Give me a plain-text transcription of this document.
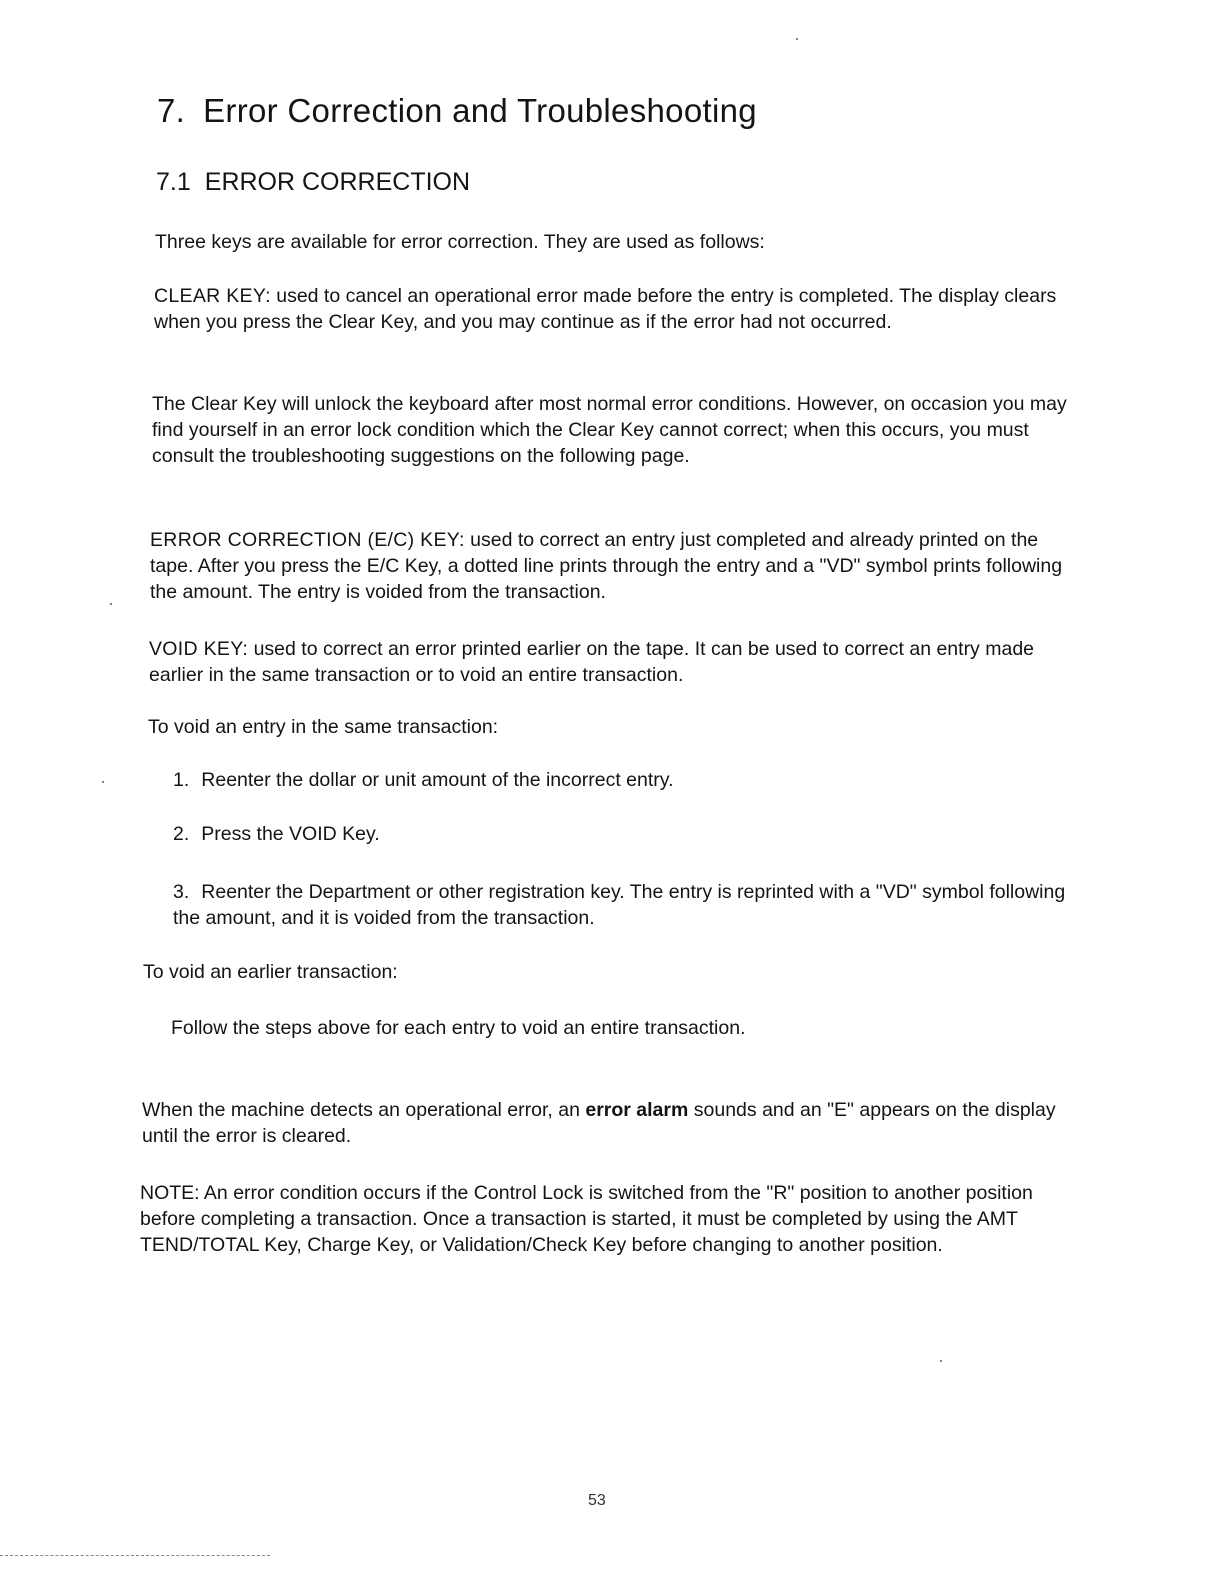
7. Error Correction and Troubleshooting
7.1 ERROR CORRECTION

Three keys are available for error correction. They are used as follows:

CLEAR KEY: used to cancel an operational error made before the entry is completed. The display clears when you press the Clear Key, and you may continue as if the error had not occurred.

The Clear Key will unlock the keyboard after most normal error conditions. However, on occasion you may find yourself in an error lock condition which the Clear Key cannot correct; when this occurs, you must consult the troubleshooting suggestions on the following page.

ERROR CORRECTION (E/C) KEY: used to correct an entry just completed and already printed on the tape. After you press the E/C Key, a dotted line prints through the entry and a "VD" symbol prints following the amount. The entry is voided from the transaction.

VOID KEY: used to correct an error printed earlier on the tape. It can be used to correct an entry made earlier in the same transaction or to void an entire transaction.

To void an entry in the same transaction:

1. Reenter the dollar or unit amount of the incorrect entry.
2. Press the VOID Key.
3. Reenter the Department or other registration key. The entry is reprinted with a "VD" symbol following the amount, and it is voided from the transaction.

To void an earlier transaction:

Follow the steps above for each entry to void an entire transaction.

When the machine detects an operational error, an error alarm sounds and an "E" appears on the display until the error is cleared.

NOTE: An error condition occurs if the Control Lock is switched from the "R" position to another position before completing a transaction. Once a transaction is started, it must be completed by using the AMT TEND/TOTAL Key, Charge Key, or Validation/Check Key before changing to another position.

53
